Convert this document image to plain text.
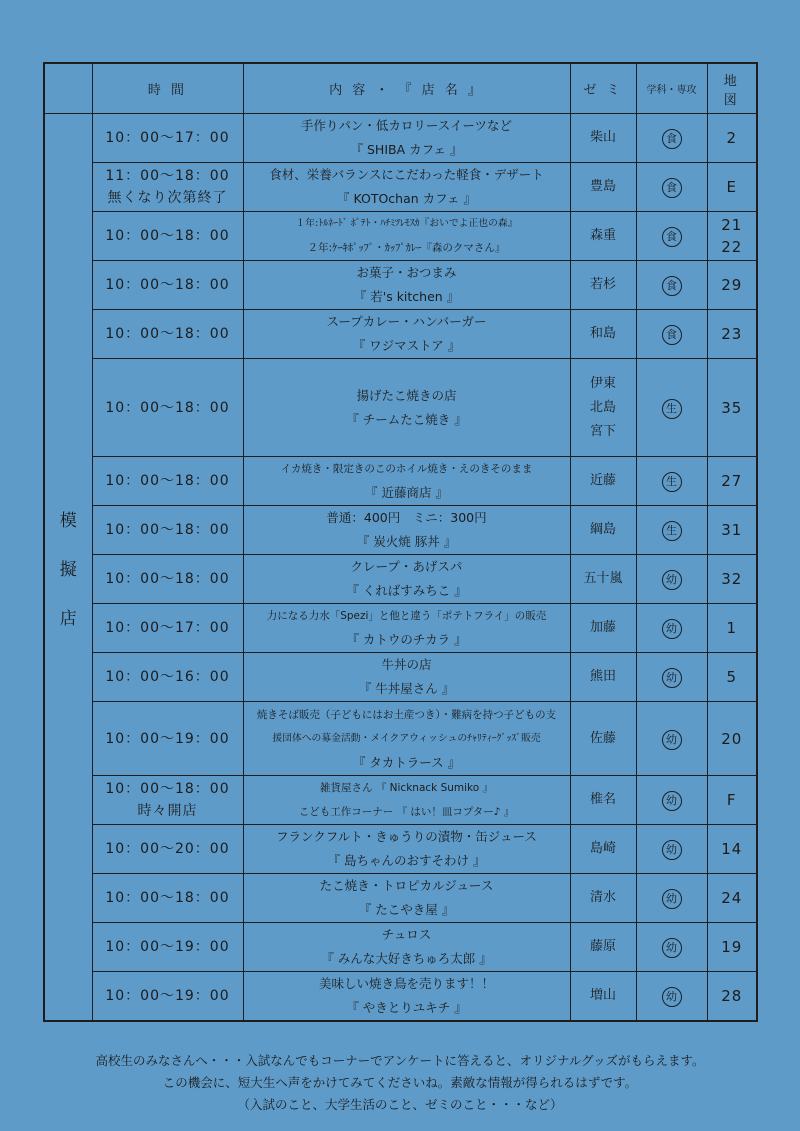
	時 間	内 容 ・ 『 店 名 』	ゼ ミ	学科・専攻	地
図

模
擬
店	10：00～17：00	手作りパン・低カロリースイーツなど
『 SHIBA カフェ 』	柴山	食	2

	11：00～18：00
無くなり次第終了	食材、栄養バランスにこだわった軽食・デザート
『 KOTOchan カフェ 』	豊島	食	E

	10：00～18：00	１年:ﾄﾙﾈｰﾄﾞ ﾎﾟﾃﾄ・ﾊﾁﾐﾂﾚﾓｽｶ『おいでよ正也の森』
２年:ｹｰｷﾎﾟｯﾌﾟ・ｶｯﾌﾟｶﾚｰ『森のクマさん』	森重	食	21
22

	10：00～18：00	お菓子・おつまみ
『 若's kitchen 』	若杉	食	29

	10：00～18：00	スープカレー・ハンバーガー
『 ワジマストア 』	和島	食	23

	10：00～18：00	揚げたこ焼きの店
『 チームたこ焼き 』	伊東
北島
宮下	生	35

	10：00～18：00	イカ焼き・限定きのこのホイル焼き・えのきそのまま
『 近藤商店 』	近藤	生	27

	10：00～18：00	普通：400円　ミニ：300円
『 炭火焼 豚丼 』	綱島	生	31

	10：00～18：00	クレープ・あげスパ
『 くればすみちこ 』	五十嵐	幼	32

	10：00～17：00	力になる力水「Spezi」と他と違う「ポテトフライ」の販売
『 カトウのチカラ 』	加藤	幼	1

	10：00～16：00	牛丼の店
『 牛丼屋さん 』	熊田	幼	5

	10：00～19：00	焼きそば販売（子どもにはお土産つき）・難病を持つ子どもの支
援団体への募金活動・メイクアウィッシュのﾁｬﾘﾃｨｰｸﾞｯｽﾞ販売
『 タカトラース 』	佐藤	幼	20

	10：00～18：00
時々開店	雑貨屋さん 『 Nicknack Sumiko 』
こども工作コーナー 『 はい！皿コプター♪ 』	椎名	幼	F

	10：00～20：00	フランクフルト・きゅうりの漬物・缶ジュース
『 島ちゃんのおすそわけ 』	島崎	幼	14

	10：00～18：00	たこ焼き・トロピカルジュース
『 たこやき屋 』	清水	幼	24

	10：00～19：00	チュロス
『 みんな大好きちゅろ太郎 』	藤原	幼	19

	10：00～19：00	美味しい焼き鳥を売ります！！
『 やきとりユキチ 』	増山	幼	28
高校生のみなさんへ・・・入試なんでもコーナーでアンケートに答えると、オリジナルグッズがもらえます。
この機会に、短大生へ声をかけてみてくださいね。素敵な情報が得られるはずです。
（入試のこと、大学生活のこと、ゼミのこと・・・など）
